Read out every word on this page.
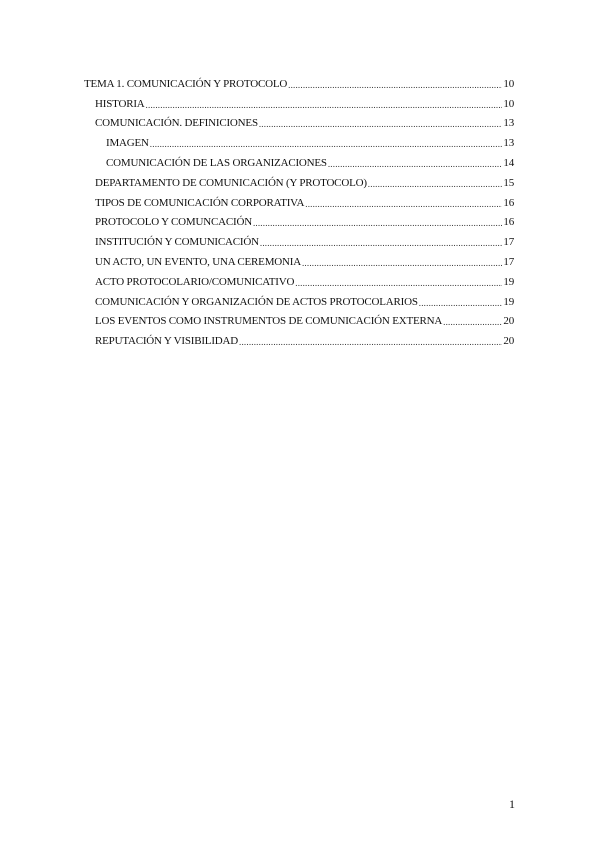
TEMA 1. COMUNICACIÓN Y PROTOCOLO .....	10
HISTORIA .....	10
COMUNICACIÓN. DEFINICIONES .....	13
IMAGEN .....	13
COMUNICACIÓN DE LAS ORGANIZACIONES .....	14
DEPARTAMENTO DE COMUNICACIÓN (Y PROTOCOLO) .....	15
TIPOS DE COMUNICACIÓN CORPORATIVA .....	16
PROTOCOLO Y COMUNCACIÓN .....	16
INSTITUCIÓN Y COMUNICACIÓN .....	17
UN ACTO, UN EVENTO, UNA CEREMONIA .....	17
ACTO PROTOCOLARIO/COMUNICATIVO .....	19
COMUNICACIÓN Y ORGANIZACIÓN DE ACTOS PROTOCOLARIOS .....	19
LOS EVENTOS COMO INSTRUMENTOS DE COMUNICACIÓN EXTERNA .....	20
REPUTACIÓN Y VISIBILIDAD .....	20
1
